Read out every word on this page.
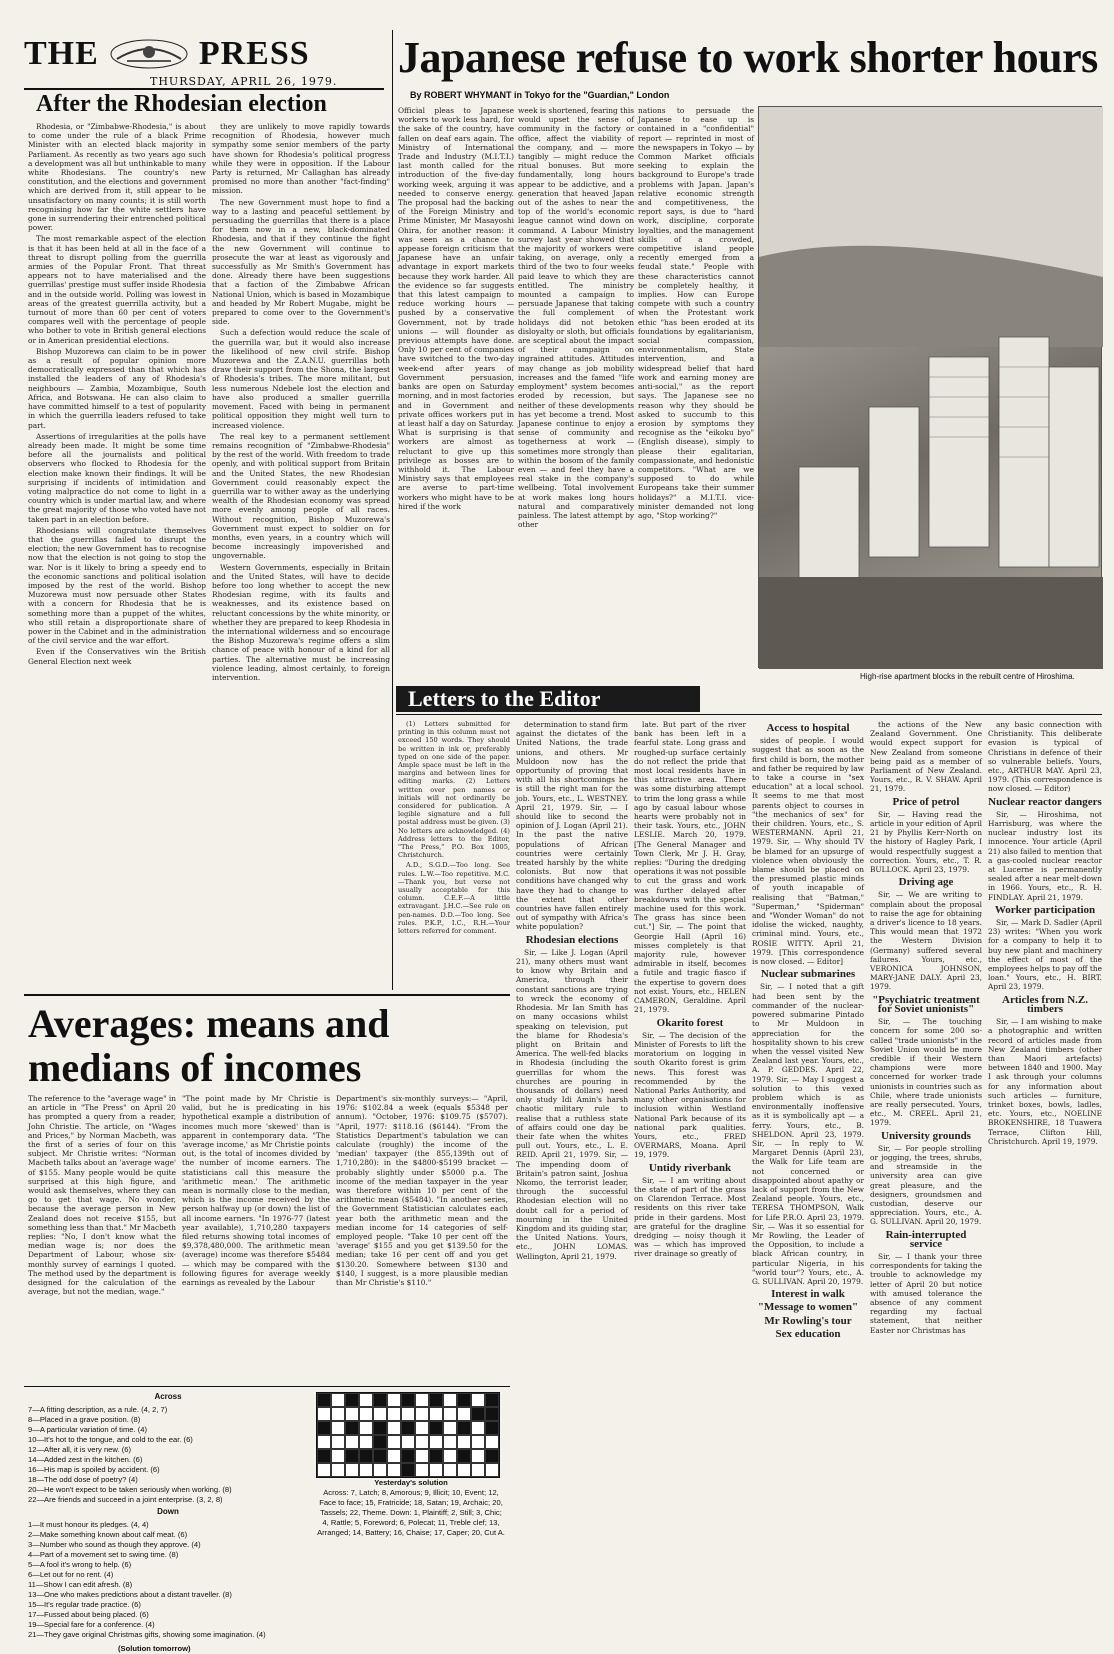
THE	PRESS
THURSDAY, APRIL 26, 1979.
After the Rhodesian election

Rhodesia, or "Zimbabwe-Rhodesia," is about to come under the rule of a black Prime Minister with an elected black majority in Parliament. As recently as two years ago such a development was all but unthinkable to many white Rhodesians. The country's new constitution, and the elections and government which are derived from it, still appear to be unsatisfactory on many counts; it is still worth recognising how far the white settlers have gone in surrendering their entrenched political power.

The most remarkable aspect of the election is that it has been held at all in the face of a threat to disrupt polling from the guerrilla armies of the Popular Front. That threat appears not to have materialised and the guerrillas' prestige must suffer inside Rhodesia and in the outside world. Polling was lowest in areas of the greatest guerrilla activity, but a turnout of more than 60 per cent of voters compares well with the percentage of people who bother to vote in British general elections or in American presidential elections.

Bishop Muzorewa can claim to be in power as a result of popular opinion more democratically expressed than that which has installed the leaders of any of Rhodesia's neighbours — Zambia, Mozambique, South Africa, and Botswana. He can also claim to have committed himself to a test of popularity in which the guerrilla leaders refused to take part.

Assertions of irregularities at the polls have already been made. It might be some time before all the journalists and political observers who flocked to Rhodesia for the election make known their findings. It will be surprising if incidents of intimidation and voting malpractice do not come to light in a country which is under martial law, and where the great majority of those who voted have not taken part in an election before.

Rhodesians will congratulate themselves that the guerrillas failed to disrupt the election; the new Government has to recognise now that the election is not going to stop the war. Nor is it likely to bring a speedy end to the economic sanctions and political isolation imposed by the rest of the world. Bishop Muzorewa must now persuade other States with a concern for Rhodesia that he is something more than a puppet of the whites, who still retain a disproportionate share of power in the Cabinet and in the administration of the civil service and the war effort.

Even if the Conservatives win the British General Election next week

they are unlikely to move rapidly towards recognition of Rhodesia, however much sympathy some senior members of the party have shown for Rhodesia's political progress while they were in opposition. If the Labour Party is returned, Mr Callaghan has already promised no more than another "fact-finding" mission.

The new Government must hope to find a way to a lasting and peaceful settlement by persuading the guerrillas that there is a place for them now in a new, black-dominated Rhodesia, and that if they continue the fight the new Government will continue to prosecute the war at least as vigorously and successfully as Mr Smith's Government has done. Already there have been suggestions that a faction of the Zimbabwe African National Union, which is based in Mozambique and headed by Mr Robert Mugabe, might be prepared to come over to the Government's side.

Such a defection would reduce the scale of the guerrilla war, but it would also increase the likelihood of new civil strife. Bishop Muzorewa and the Z.A.N.U. guerrillas both draw their support from the Shona, the largest of Rhodesia's tribes. The more militant, but less numerous Ndebele lost the election and have also produced a smaller guerrilla movement. Faced with being in permanent political opposition they might well turn to increased violence.

The real key to a permanent settlement remains recognition of "Zimbabwe-Rhodesia" by the rest of the world. With freedom to trade openly, and with political support from Britain and the United States, the new Rhodesian Government could reasonably expect the guerrilla war to wither away as the underlying wealth of the Rhodesian economy was spread more evenly among people of all races. Without recognition, Bishop Muzorewa's Government must expect to soldier on for months, even years, in a country which will become increasingly impoverished and ungovernable.

Western Governments, especially in Britain and the United States, will have to decide before too long whether to accept the new Rhodesian regime, with its faults and weaknesses, and its existence based on reluctant concessions by the white minority, or whether they are prepared to keep Rhodesia in the international wilderness and so encourage the Bishop Muzorewa's regime offers a slim chance of peace with honour of a kind for all parties. The alternative must be increasing violence leading, almost certainly, to foreign intervention.

Japanese refuse to work shorter hours
By ROBERT WHYMANT in Tokyo for the "Guardian," London
Official pleas to Japanese workers to work less hard, for the sake of the country, have fallen on deaf ears again. The Ministry of International Trade and Industry (M.I.T.I.) last month called for the introduction of the five-day working week, arguing it was needed to conserve energy. The proposal had the backing of the Foreign Ministry and Prime Minister, Mr Masayoshi Ohira, for another reason: it was seen as a chance to appease foreign criticism that Japanese have an unfair advantage in export markets because they work harder. All the evidence so far suggests that this latest campaign to reduce working hours — pushed by a conservative Government, not by trade unions — will flounder as previous attempts have done. Only 10 per cent of companies have switched to the two-day week-end after years of Government persuasion, banks are open on Saturday morning, and in most factories and in Government and private offices workers put in at least half a day on Saturday. What is surprising is that workers are almost as reluctant to give up this privilege as bosses are to withhold it. The Labour Ministry says that employees are averse to part-time workers who might have to be hired if the work
week is shortened, fearing this would upset the sense of community in the factory or office, affect the viability of the company, and — more tangibly — might reduce the ritual bonuses. But more fundamentally, long hours appear to be addictive, and a generation that heaved Japan out of the ashes to near the top of the world's economic league cannot wind down on command. A Labour Ministry survey last year showed that the majority of workers were taking, on average, only a third of the two to four weeks paid leave to which they are entitled. The ministry mounted a campaign to persuade Japanese that taking the full complement of holidays did not betoken disloyalty or sloth, but officials are sceptical about the impact of their campaign on ingrained attitudes. Attitudes may change as job mobility increases and the famed "life employment" system becomes eroded by recession, but neither of these developments has yet become a trend. Most Japanese continue to enjoy a sense of community and togetherness at work — sometimes more strongly than within the bosom of the family even — and feel they have a real stake in the company's wellbeing. Total involvement at work makes long hours natural and comparatively painless. The latest attempt by other
nations to persuade the Japanese to ease up is contained in a "confidential" report — reprinted in most of the newspapers in Tokyo — by Common Market officials seeking to explain the background to Europe's trade problems with Japan. Japan's relative economic strength and competitiveness, the report says, is due to "hard work, discipline, corporate loyalties, and the management skills of a crowded, competitive island people recently emerged from a feudal state." People with these characteristics cannot be completely healthy, it implies. How can Europe compete with such a country when the Protestant work ethic "has been eroded at its foundations by egalitarianism, social compassion, environmentalism, State intervention, and a widespread belief that hard work and earning money are anti-social," as the report says. The Japanese see no reason why they should be asked to succumb to this erosion by symptoms they recognise as the "eikoku byo" (English disease), simply to please their egalitarian, compassionate, and hedonistic competitors. "What are we supposed to do while Europeans take their summer holidays?" a M.I.T.I. vice-minister demanded not long ago, "Stop working?"
High-rise apartment blocks in the rebuilt centre of Hiroshima.
Letters to the Editor

(1) Letters submitted for printing in this column must not exceed 150 words. They should be written in ink or, preferably typed on one side of the paper. Ample space must be left in the margins and between lines for editing marks. (2) Letters written over pen names or initials will not ordinarily be considered for publication. A legible signature and a full postal address must be given. (3) No letters are acknowledged. (4) Address letters to the Editor, "The Press," P.O. Box 1005, Christchurch.

A.D., S.G.D.—Too long. See rules. L.W.—Too repetitive. M.C.—Thank you, but verse not usually acceptable for this column. C.E.F.—A little extravagant. J.H.C.—See rule on pen-names. D.D.—Too long. See rules. P.K.P., I.C., R.H.—Your letters referred for comment.

determination to stand firm against the dictates of the United Nations, the trade unions, and others. Mr Muldoon now has the opportunity of proving that with all his shortcomings he is still the right man for the job. Yours, etc., L. WESTNEY. April 21, 1979. Sir, — I should like to second the opinion of J. Logan (April 21). In the past the native populations of African countries were certainly treated harshly by the white colonists. But now that conditions have changed why have they had to change to the extent that other countries have fallen entirely out of sympathy with Africa's white population?

Rhodesian elections

Sir, — Like J. Logan (April 21), many others must want to know why Britain and America, through their constant sanctions are trying to wreck the economy of Rhodesia. Mr Ian Smith has on many occasions whilst speaking on television, put the blame for Rhodesia's plight on Britain and America. The well-fed blacks in Rhodesia (including the guerrillas for whom the churches are pouring in thousands of dollars) need only study Idi Amin's harsh chaotic military rule to realise that a ruthless state of affairs could one day be their fate when the whites pull out. Yours, etc., L. E. REID. April 21, 1979. Sir, — The impending doom of Britain's patron saint, Joshua Nkomo, the terrorist leader, through the successful Rhodesian election will no doubt call for a period of mourning in the United Kingdom and its guiding star, the United Nations. Yours, etc., JOHN LOMAS. Wellington, April 21, 1979.

late. But part of the river bank has been left in a fearful state. Long grass and roughed-up surface certainly do not reflect the pride that most local residents have in this attractive area. There was some disturbing attempt to trim the long grass a while ago by casual labour whose hearts were probably not in their task. Yours, etc., JOHN LESLIE. March 20, 1979. [The General Manager and Town Clerk, Mr J. H. Gray, replies: "During the dredging operations it was not possible to cut the grass and work was further delayed after breakdowns with the special machine used for this work. The grass has since been cut."] Sir, — The point that Georgie Hall (April 16) misses completely is that majority rule, however admirable in itself, becomes a futile and tragic fiasco if the expertise to govern does not exist. Yours, etc., HELEN CAMERON, Geraldine. April 21, 1979.

Okarito forest

Sir, — The decision of the Minister of Forests to lift the moratorium on logging in south Okarito forest is grim news. This forest was recommended by the National Parks Authority, and many other organisations for inclusion within Westland National Park because of its national park qualities. Yours, etc., FRED OVERMARS, Moana. April 19, 1979.

Untidy riverbank

Sir, — I am writing about the state of part of the grass on Clarendon Terrace. Most residents on this river take pride in their gardens. Most are grateful for the dragline dredging — noisy though it was — which has improved river drainage so greatly of

Access to hospital

sides of people. I would suggest that as soon as the first child is born, the mother and father be required by law to take a course in "sex education" at a local school. It seems to me that most parents object to courses in "the mechanics of sex" for their children. Yours, etc., S. WESTERMANN. April 21, 1979. Sir, — Why should TV be blamed for an upsurge of violence when obviously the blame should be placed on the presumed plastic minds of youth incapable of realising that "Batman," "Superman," "Spiderman" and "Wonder Woman" do not idolise the wicked, naughty, criminal mind. Yours, etc., ROSIE WITTY. April 21, 1979. [This correspondence is now closed. — Editor]

Nuclear submarines

Sir, — I noted that a gift had been sent by the commander of the nuclear-powered submarine Pintado to Mr Muldoon in appreciation for the hospitality shown to his crew when the vessel visited New Zealand last year. Yours, etc., A. P. GEDDES. April 22, 1979. Sir, — May I suggest a solution to this vexed problem which is as environmentally inoffensive as it is symbolically apt — a ferry. Yours, etc., B. SHELDON. April 23, 1979. Sir, — In reply to W. Margaret Dennis (April 23), the Walk for Life team are not concerned or disappointed about apathy or lack of support from the New Zealand people. Yours, etc., TERESA THOMPSON, Walk for Life P.R.O. April 23, 1979. Sir, — Was it so essential for Mr Rowling, the Leader of the Opposition, to include a black African country, in particular Nigeria, in his "world tour"? Yours, etc., A. G. SULLIVAN. April 20, 1979.

Interest in walk
"Message to women"
Mr Rowling's tour
Sex education

the actions of the New Zealand Government. One would expect support for New Zealand from someone being paid as a member of Parliament of New Zealand. Yours, etc., R. V. SHAW. April 21, 1979.

Price of petrol

Sir, — Having read the article in your edition of April 21 by Phyllis Kerr-North on the history of Hagley Park, I would respectfully suggest a correction. Yours, etc., T. R. BULLOCK. April 23, 1979.

Driving age

Sir, — We are writing to complain about the proposal to raise the age for obtaining a driver's licence to 18 years. This would mean that 1972 the Western Division (Germany) suffered several failures. Yours, etc., VERONICA JOHNSON, MARY-JANE DALY. April 23, 1979.

"Psychiatric treatment for Soviet unionists"

Sir, — The touching concern for some 200 so-called "trade unionists" in the Soviet Union would be more credible if their Western champions were more concerned for worker trade unionists in countries such as Chile, where trade unionists are really persecuted. Yours, etc., M. CREEL. April 21, 1979.

University grounds

Sir, — For people strolling or jogging, the trees, shrubs, and streamside in the university area can give great pleasure, and the designers, groundsmen and custodian, deserve our appreciation. Yours, etc., A. G. SULLIVAN. April 20, 1979.

Rain-interrupted service

Sir, — I thank your three correspondents for taking the trouble to acknowledge my letter of April 20 but notice with amused tolerance the absence of any comment regarding my factual statement, that neither Easter nor Christmas has

any basic connection with Christianity. This deliberate evasion is typical of Christians in defence of their so vulnerable beliefs. Yours, etc., ARTHUR MAY. April 23, 1979. (This correspondence is now closed. — Editor)

Nuclear reactor dangers

Sir, — Hiroshima, not Harrisburg, was where the nuclear industry lost its innocence. Your article (April 21) also failed to mention that a gas-cooled nuclear reactor at Lucerne is permanently sealed after a near melt-down in 1966. Yours, etc., R. H. FINDLAY. April 21, 1979.

Worker participation

Sir, — Mark D. Sadler (April 23) writes: "When you work for a company to help it to buy new plant and machinery the effect of most of the employees helps to pay off the loan." Yours, etc., H. BIRT. April 23, 1979.

Articles from N.Z. timbers

Sir, — I am wishing to make a photographic and written record of articles made from New Zealand timbers (other than Maori artefacts) between 1840 and 1900. May I ask through your columns for any information about such articles — furniture, trinket boxes, bowls, ladles, etc. Yours, etc., NOELINE BROKENSHIRE, 18 Tuawera Terrace, Clifton Hill, Christchurch. April 19, 1979.

Averages: means and medians of incomes
The reference to the "average wage" in an article in "The Press" on April 20 has prompted a query from a reader, John Christie. The article, on "Wages and Prices," by Norman Macbeth, was the first of a series of four on this subject. Mr Christie writes: "Norman Macbeth talks about an 'average wage' of $155. Many people would be quite surprised at this high figure, and would ask themselves, where they can go to get that wage. No wonder, because the average person in New Zealand does not receive $155, but something less than that." Mr Macbeth replies: "No, I don't know what the median wage is; nor does the Department of Labour, whose six-monthly survey of earnings I quoted. The method used by the department is designed for the calculation of the average, but not the median, wage."
"The point made by Mr Christie is valid, but he is predicating in his hypothetical example a distribution of incomes much more 'skewed' than is apparent in contemporary data. "The 'average income,' as Mr Christie points out, is the total of incomes divided by the number of income earners. The statisticians call this measure the 'arithmetic mean.' The arithmetic mean is normally close to the median, which is the income received by the person halfway up (or down) the list of all income earners. "In 1976-77 (latest year available), 1,710,280 taxpayers filed returns showing total incomes of $9,378,480,000. The arithmetic mean (average) income was therefore $5484 — which may be compared with the following figures for average weekly earnings as revealed by the Labour
Department's six-monthly surveys:— "April, 1976: $102.84 a week (equals $5348 per annum). "October, 1976: $109.75 ($5707). "April, 1977: $118.16 ($6144). "From the Statistics Department's tabulation we can calculate (roughly) the income of the 'median' taxpayer (the 855,139th out of 1,710,280): in the $4800-$5199 bracket — probably slightly under $5000 p.a. The income of the median taxpayer in the year was therefore within 10 per cent of the arithmetic mean ($5484). "In another series, the Government Statistician calculates each year both the arithmetic mean and the median income for 14 categories of self-employed people. "Take 10 per cent off the 'average' $155 and you get $139.50 for the median; take 16 per cent off and you get $130.20. Somewhere between $130 and $140, I suggest, is a more plausible median than Mr Christie's $110."
Across
7—A fitting description, as a rule. (4, 2, 7)
8—Placed in a grave position. (8)
9—A particular variation of time. (4)
10—It's hot to the tongue, and cold to the ear. (6)
12—After all, it is very new. (6)
14—Added zest in the kitchen. (6)
16—His map is spoiled by accident. (6)
18—The odd dose of poetry? (4)
20—He won't expect to be taken seriously when working. (8)
22—Are friends and succeed in a joint enterprise. (3, 2, 8)
Down
1—It must honour its pledges. (4, 4)
2—Make something known about calf meat. (6)
3—Number who sound as though they approve. (4)
4—Part of a movement set to swing time. (8)
5—A fool it's wrong to help. (6)
6—Let out for no rent. (4)
11—Show I can edit afresh. (8)
13—One who makes predictions about a distant traveller. (8)
15—It's regular trade practice. (6)
17—Fussed about being placed. (6)
19—Special fare for a conference. (4)
21—They gave original Christmas gifts, showing some imagination. (4)
(Solution tomorrow)
Yesterday's solution
Across: 7, Latch; 8, Amorous; 9, Illicit; 10, Event; 12, Face to face; 15, Fratricide; 18, Satan; 19, Archaic; 20, Tassels; 22, Theme. Down: 1, Plaintiff; 2, Still; 3, Chic; 4, Rattle; 5, Foreword; 6, Polecat; 11, Treble clef; 13, Arranged; 14, Battery; 16, Chaise; 17, Caper; 20, Cut A.
